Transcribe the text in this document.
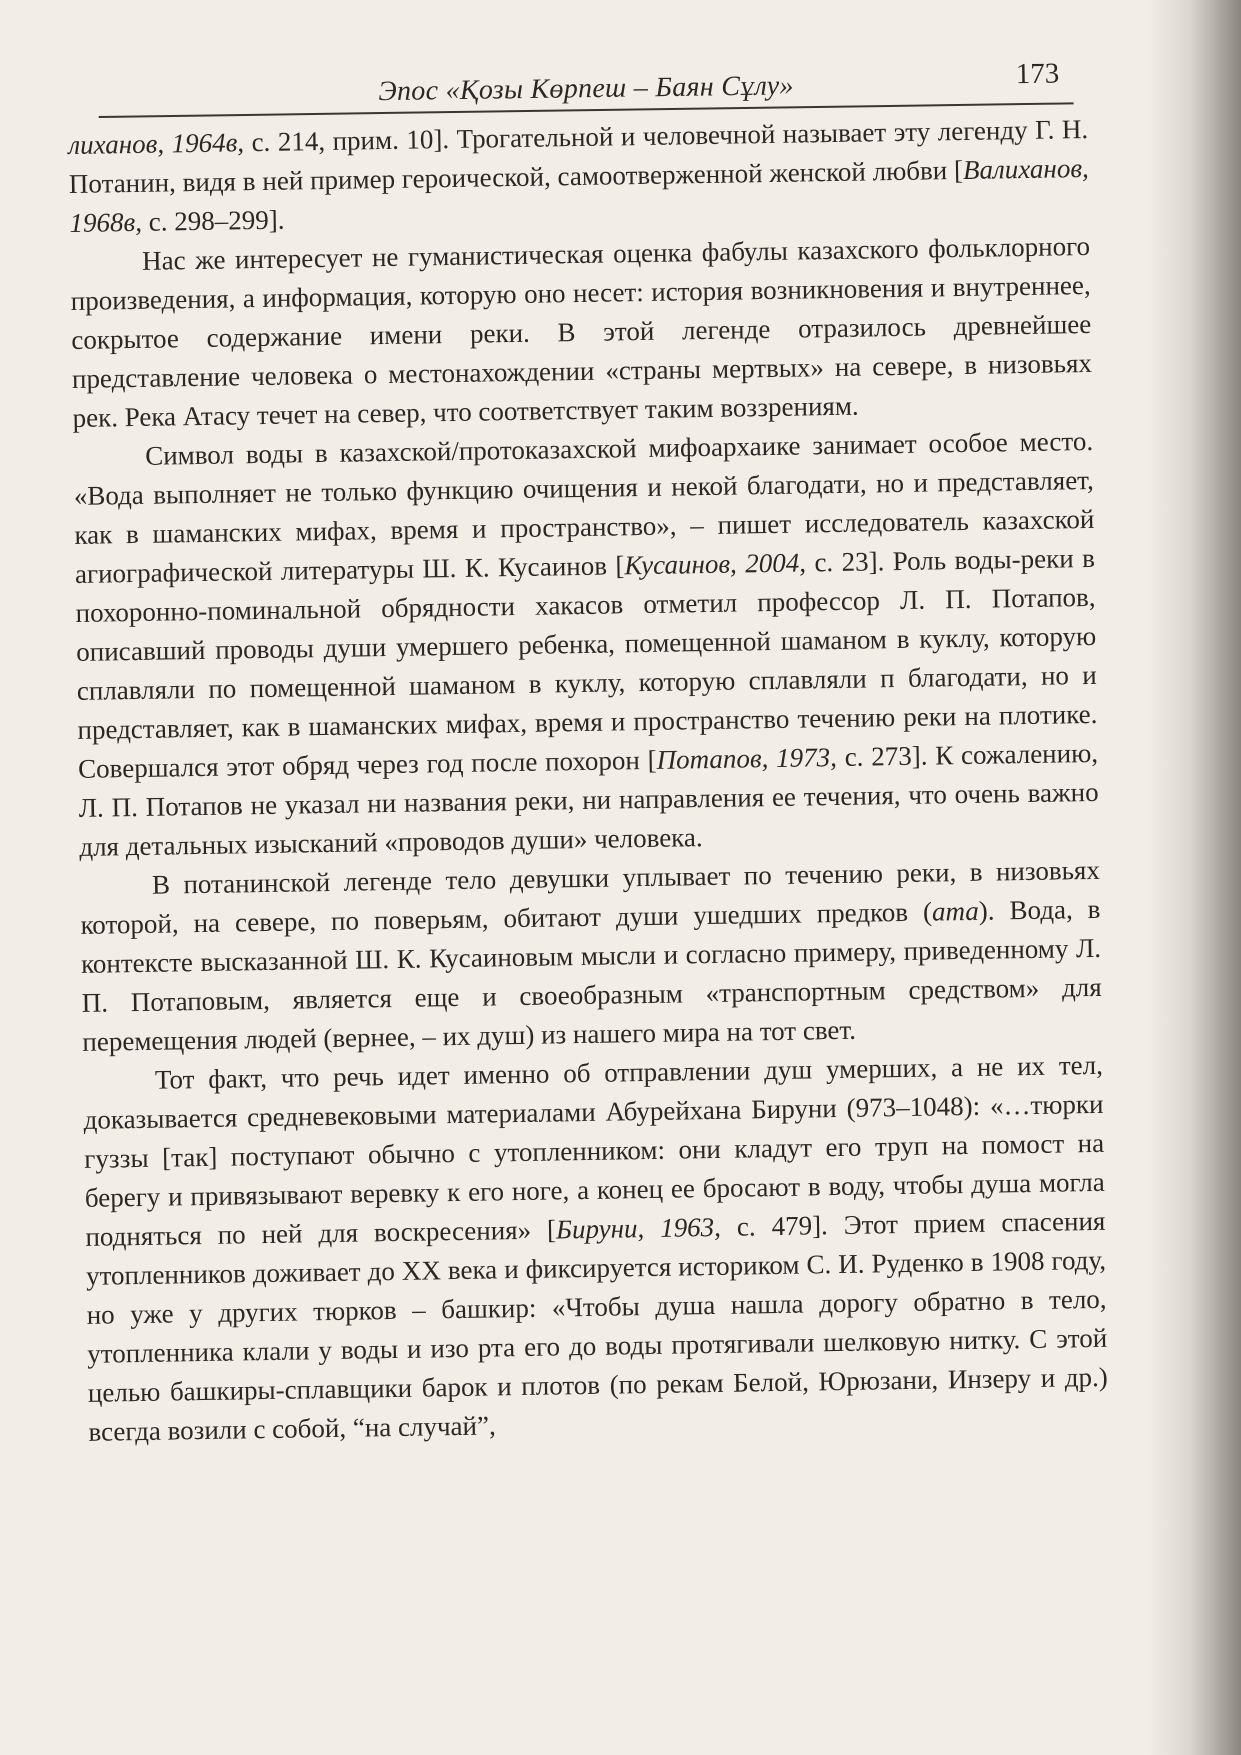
Эпос «Қозы Көрпеш – Баян Сұлу»	173

лиханов, 1964в, с. 214, прим. 10]. Трогательной и человечной называет эту легенду Г. Н. Потанин, видя в ней пример героической, самоотверженной женской любви [Валиханов, 1968в, с. 298–299].

Нас же интересует не гуманистическая оценка фабулы казахского фольклорного произведения, а информация, которую оно несет: история возникновения и внутреннее, сокрытое содержание имени реки. В этой легенде отразилось древнейшее представление человека о местонахождении «страны мертвых» на севере, в низовьях рек. Река Атасу течет на север, что соответствует таким воззрениям.

Символ воды в казахской/протоказахской мифоархаике занимает особое место. «Вода выполняет не только функцию очищения и некой благодати, но и представляет, как в шаманских мифах, время и пространство», – пишет исследователь казахской агиографической литературы Ш. К. Кусаинов [Кусаинов, 2004, с. 23]. Роль воды-реки в похоронно-поминальной обрядности хакасов отметил профессор Л. П. Потапов, описавший проводы души умершего ребенка, помещенной шаманом в куклу, которую сплавляли по помещенной шаманом в куклу, которую сплавляли п благодати, но и представляет, как в шаманских мифах, время и пространство течению реки на плотике. Совершался этот обряд через год после похорон [Потапов, 1973, с. 273]. К сожалению, Л. П. Потапов не указал ни названия реки, ни направления ее течения, что очень важно для детальных изысканий «проводов души» человека.

В потанинской легенде тело девушки уплывает по течению реки, в низовьях которой, на севере, по поверьям, обитают души ушедших предков (ата). Вода, в контексте высказанной Ш. К. Кусаиновым мысли и согласно примеру, приведенному Л. П. Потаповым, является еще и своеобразным «транспортным средством» для перемещения людей (вернее, – их душ) из нашего мира на тот свет.

Тот факт, что речь идет именно об отправлении душ умерших, а не их тел, доказывается средневековыми материалами Абурейхана Бируни (973–1048): «…тюрки гуззы [так] поступают обычно с утопленником: они кладут его труп на помост на берегу и привязывают веревку к его ноге, а конец ее бросают в воду, чтобы душа могла подняться по ней для воскресения» [Бируни, 1963, с. 479]. Этот прием спасения утопленников доживает до XX века и фиксируется историком С. И. Руденко в 1908 году, но уже у других тюрков – башкир: «Чтобы душа нашла дорогу обратно в тело, утопленника клали у воды и изо рта его до воды протягивали шелковую нитку. С этой целью башкиры-сплавщики барок и плотов (по рекам Белой, Юрюзани, Инзеру и др.) всегда возили с собой, “на случай”,
